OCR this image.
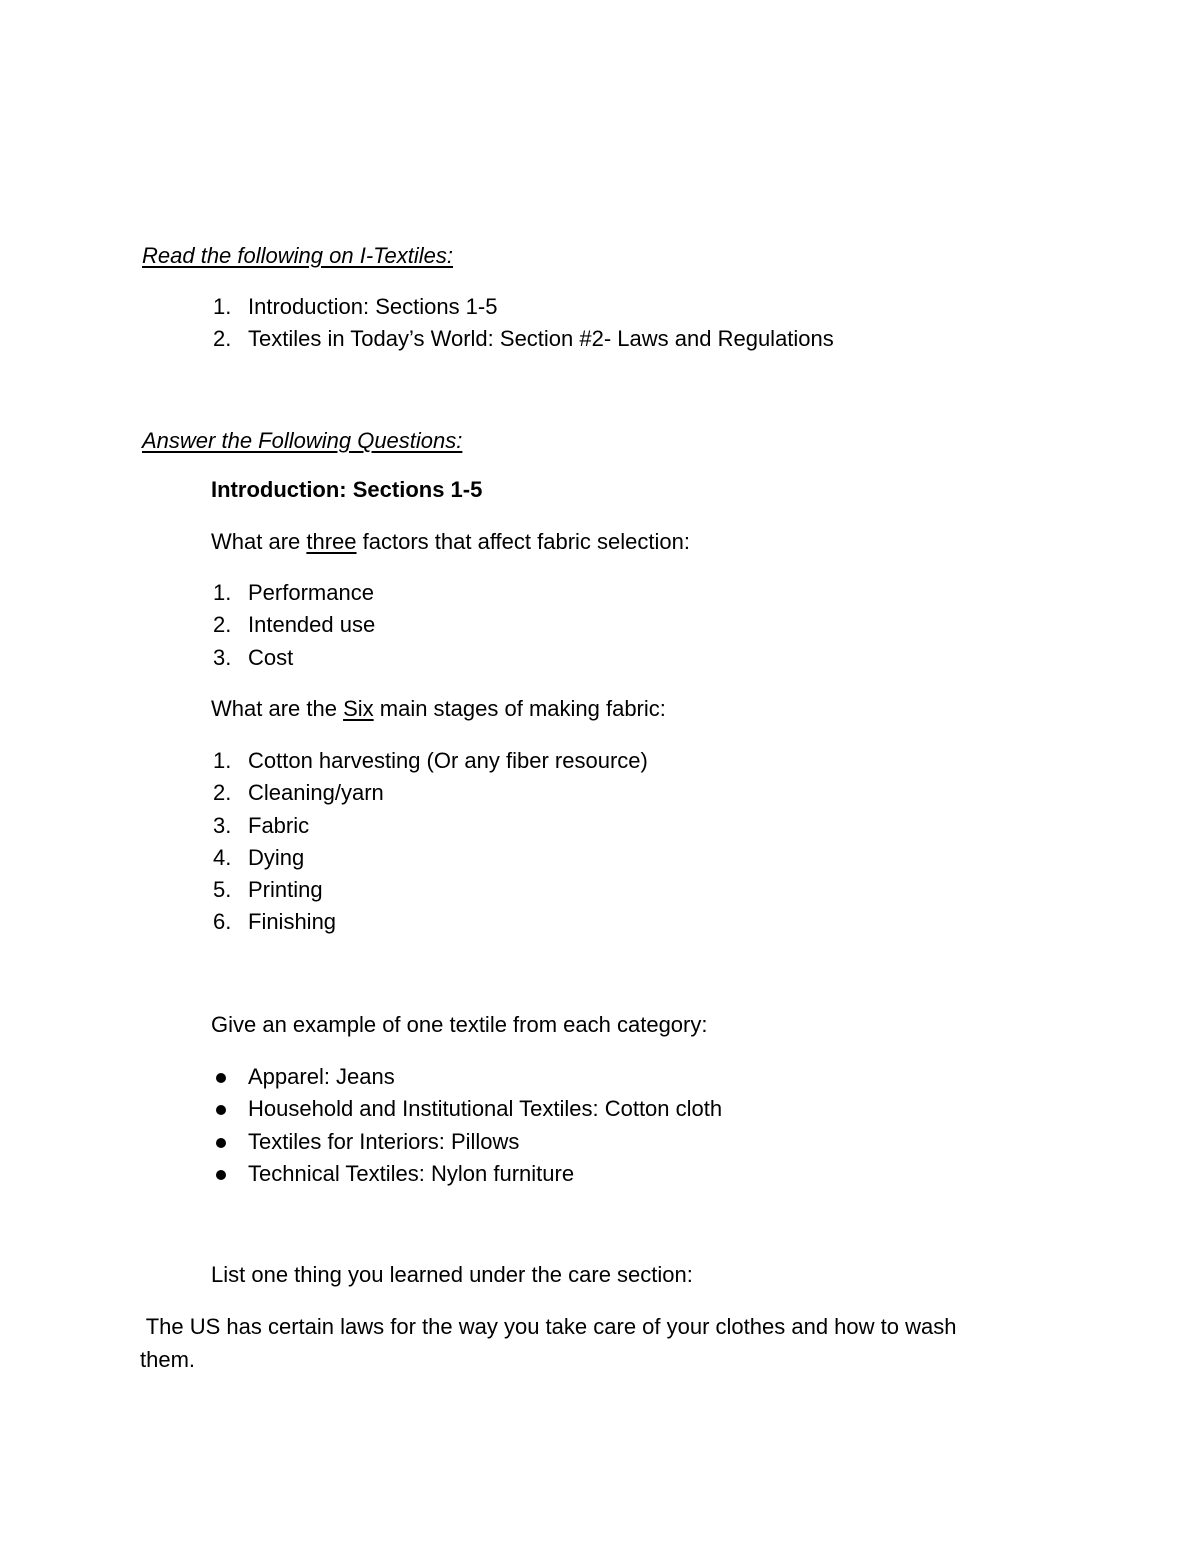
Read the following on I-Textiles:
1. Introduction: Sections 1-5
2. Textiles in Today’s World: Section #2- Laws and Regulations
Answer the Following Questions:
Introduction: Sections 1-5
What are three factors that affect fabric selection:
1. Performance
2. Intended use
3. Cost
What are the Six main stages of making fabric:
1. Cotton harvesting (Or any fiber resource)
2. Cleaning/yarn
3. Fabric
4. Dying
5. Printing
6. Finishing
Give an example of one textile from each category:
Apparel: Jeans
Household and Institutional Textiles: Cotton cloth
Textiles for Interiors: Pillows
Technical Textiles: Nylon furniture
List one thing you learned under the care section:
The US has certain laws for the way you take care of your clothes and how to wash
them.
